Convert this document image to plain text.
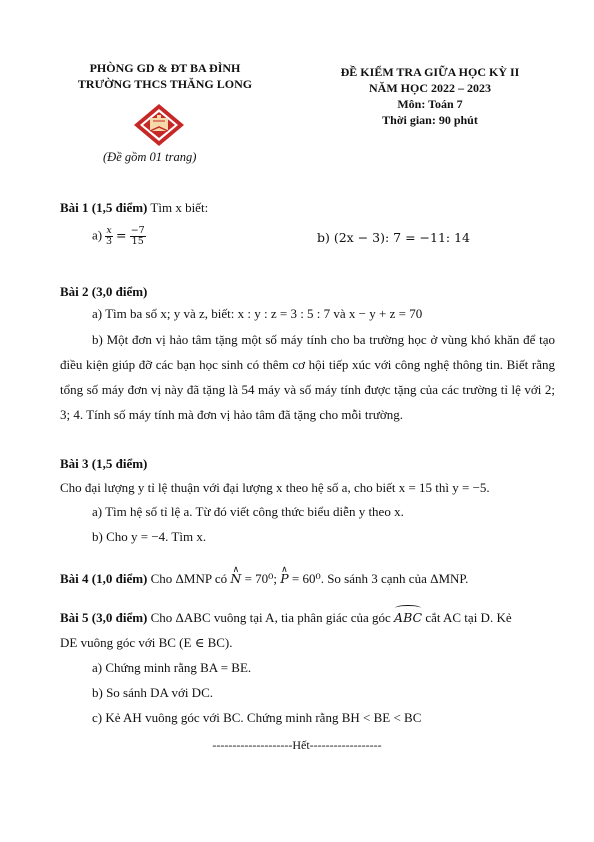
PHÒNG GD & ĐT BA ĐÌNH
TRƯỜNG THCS THĂNG LONG
(Đề gồm 01 trang)
ĐỀ KIỂM TRA GIỮA HỌC KỲ II
NĂM HỌC 2022 – 2023
Môn: Toán 7
Thời gian: 90 phút
Bài 1 (1,5 điểm) Tìm x biết:
$a) \frac{x}{3} = \frac{-7}{15}$	b) (2x − 3): 7 = −11: 14
Bài 2 (3,0 điểm)
a) Tìm ba số x; y và z, biết: x : y : z = 3 : 5 : 7 và x − y + z = 70
b) Một đơn vị hảo tâm tặng một số máy tính cho ba trường học ở vùng khó khăn để tạo điều kiện giúp đỡ các bạn học sinh có thêm cơ hội tiếp xúc với công nghệ thông tin. Biết rằng tổng số máy đơn vị này đã tặng là 54 máy và số máy tính được tặng của các trường tỉ lệ với 2; 3; 4. Tính số máy tính mà đơn vị hảo tâm đã tặng cho mỗi trường.
Bài 3 (1,5 điểm)
Cho đại lượng y tỉ lệ thuận với đại lượng x theo hệ số a, cho biết x = 15 thì y = −5.
a) Tìm hệ số tỉ lệ a. Từ đó viết công thức biểu diễn y theo x.
b) Cho y = −4. Tìm x.
Bài 4 (1,0 điểm) Cho ΔMNP có ∧ N = 70⁰; ∧ P = 60⁰. So sánh 3 cạnh của ΔMNP.
Bài 5 (3,0 điểm) Cho ΔABC vuông tại A, tia phân giác của góc ABC cắt AC tại D. Kẻ
DE vuông góc với BC (E ∈ BC).
a) Chứng minh rằng BA = BE.
b) So sánh DA với DC.
c) Kẻ AH vuông góc với BC. Chứng minh rằng BH < BE < BC
--------------------Hết------------------
